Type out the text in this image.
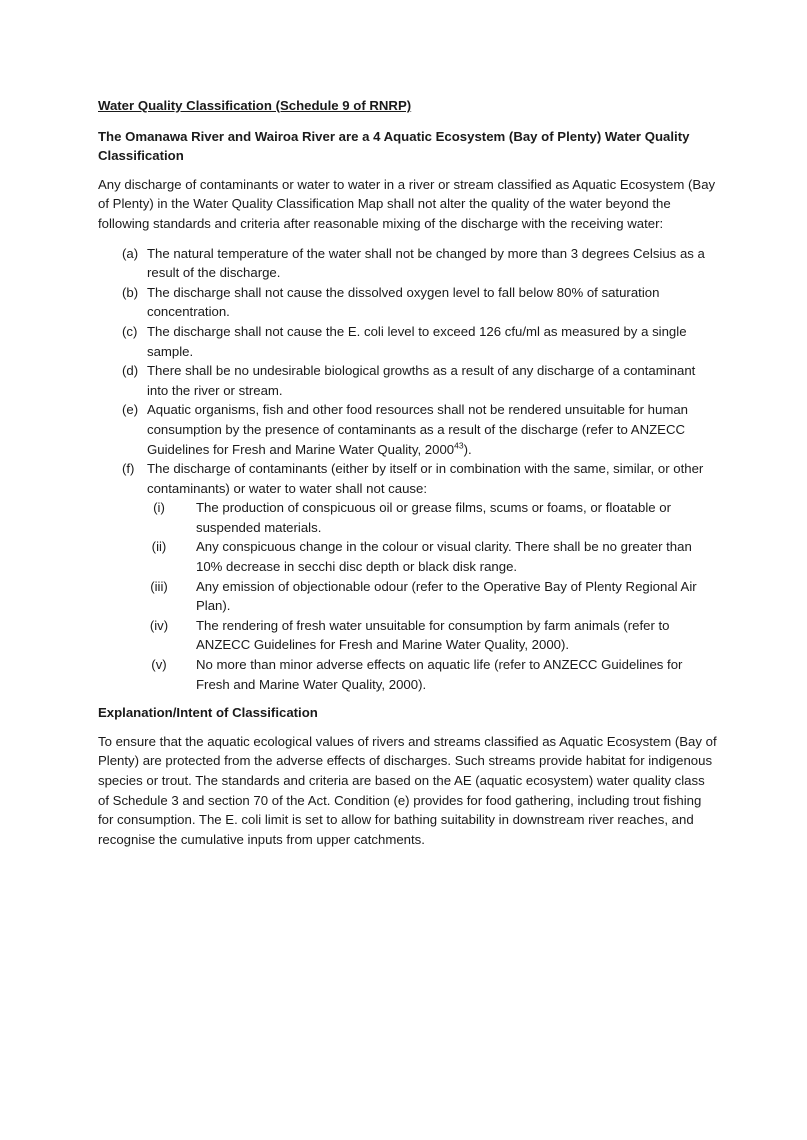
Water Quality Classification (Schedule 9 of RNRP)

The Omanawa River and Wairoa River are a 4 Aquatic Ecosystem (Bay of Plenty) Water Quality Classification

Any discharge of contaminants or water to water in a river or stream classified as Aquatic Ecosystem (Bay of Plenty) in the Water Quality Classification Map shall not alter the quality of the water beyond the following standards and criteria after reasonable mixing of the discharge with the receiving water:

(a) The natural temperature of the water shall not be changed by more than 3 degrees Celsius as a result of the discharge.
(b) The discharge shall not cause the dissolved oxygen level to fall below 80% of saturation concentration.
(c) The discharge shall not cause the E. coli level to exceed 126 cfu/ml as measured by a single sample.
(d) There shall be no undesirable biological growths as a result of any discharge of a contaminant into the river or stream.
(e) Aquatic organisms, fish and other food resources shall not be rendered unsuitable for human consumption by the presence of contaminants as a result of the discharge (refer to ANZECC Guidelines for Fresh and Marine Water Quality, 2000$^{43}$).
(f) The discharge of contaminants (either by itself or in combination with the same, similar, or other contaminants) or water to water shall not cause:
(i)	The production of conspicuous oil or grease films, scums or foams, or floatable or suspended materials.
(ii)	Any conspicuous change in the colour or visual clarity. There shall be no greater than 10% decrease in secchi disc depth or black disk range.
(iii) Any emission of objectionable odour (refer to the Operative Bay of Plenty Regional Air Plan).
(iv) The rendering of fresh water unsuitable for consumption by farm animals (refer to ANZECC Guidelines for Fresh and Marine Water Quality, 2000).
(v)	No more than minor adverse effects on aquatic life (refer to ANZECC Guidelines for Fresh and Marine Water Quality, 2000).

Explanation/Intent of Classification

To ensure that the aquatic ecological values of rivers and streams classified as Aquatic Ecosystem (Bay of Plenty) are protected from the adverse effects of discharges. Such streams provide habitat for indigenous species or trout. The standards and criteria are based on the AE (aquatic ecosystem) water quality class of Schedule 3 and section 70 of the Act. Condition (e) provides for food gathering, including trout fishing for consumption. The E. coli limit is set to allow for bathing suitability in downstream river reaches, and recognise the cumulative inputs from upper catchments.
